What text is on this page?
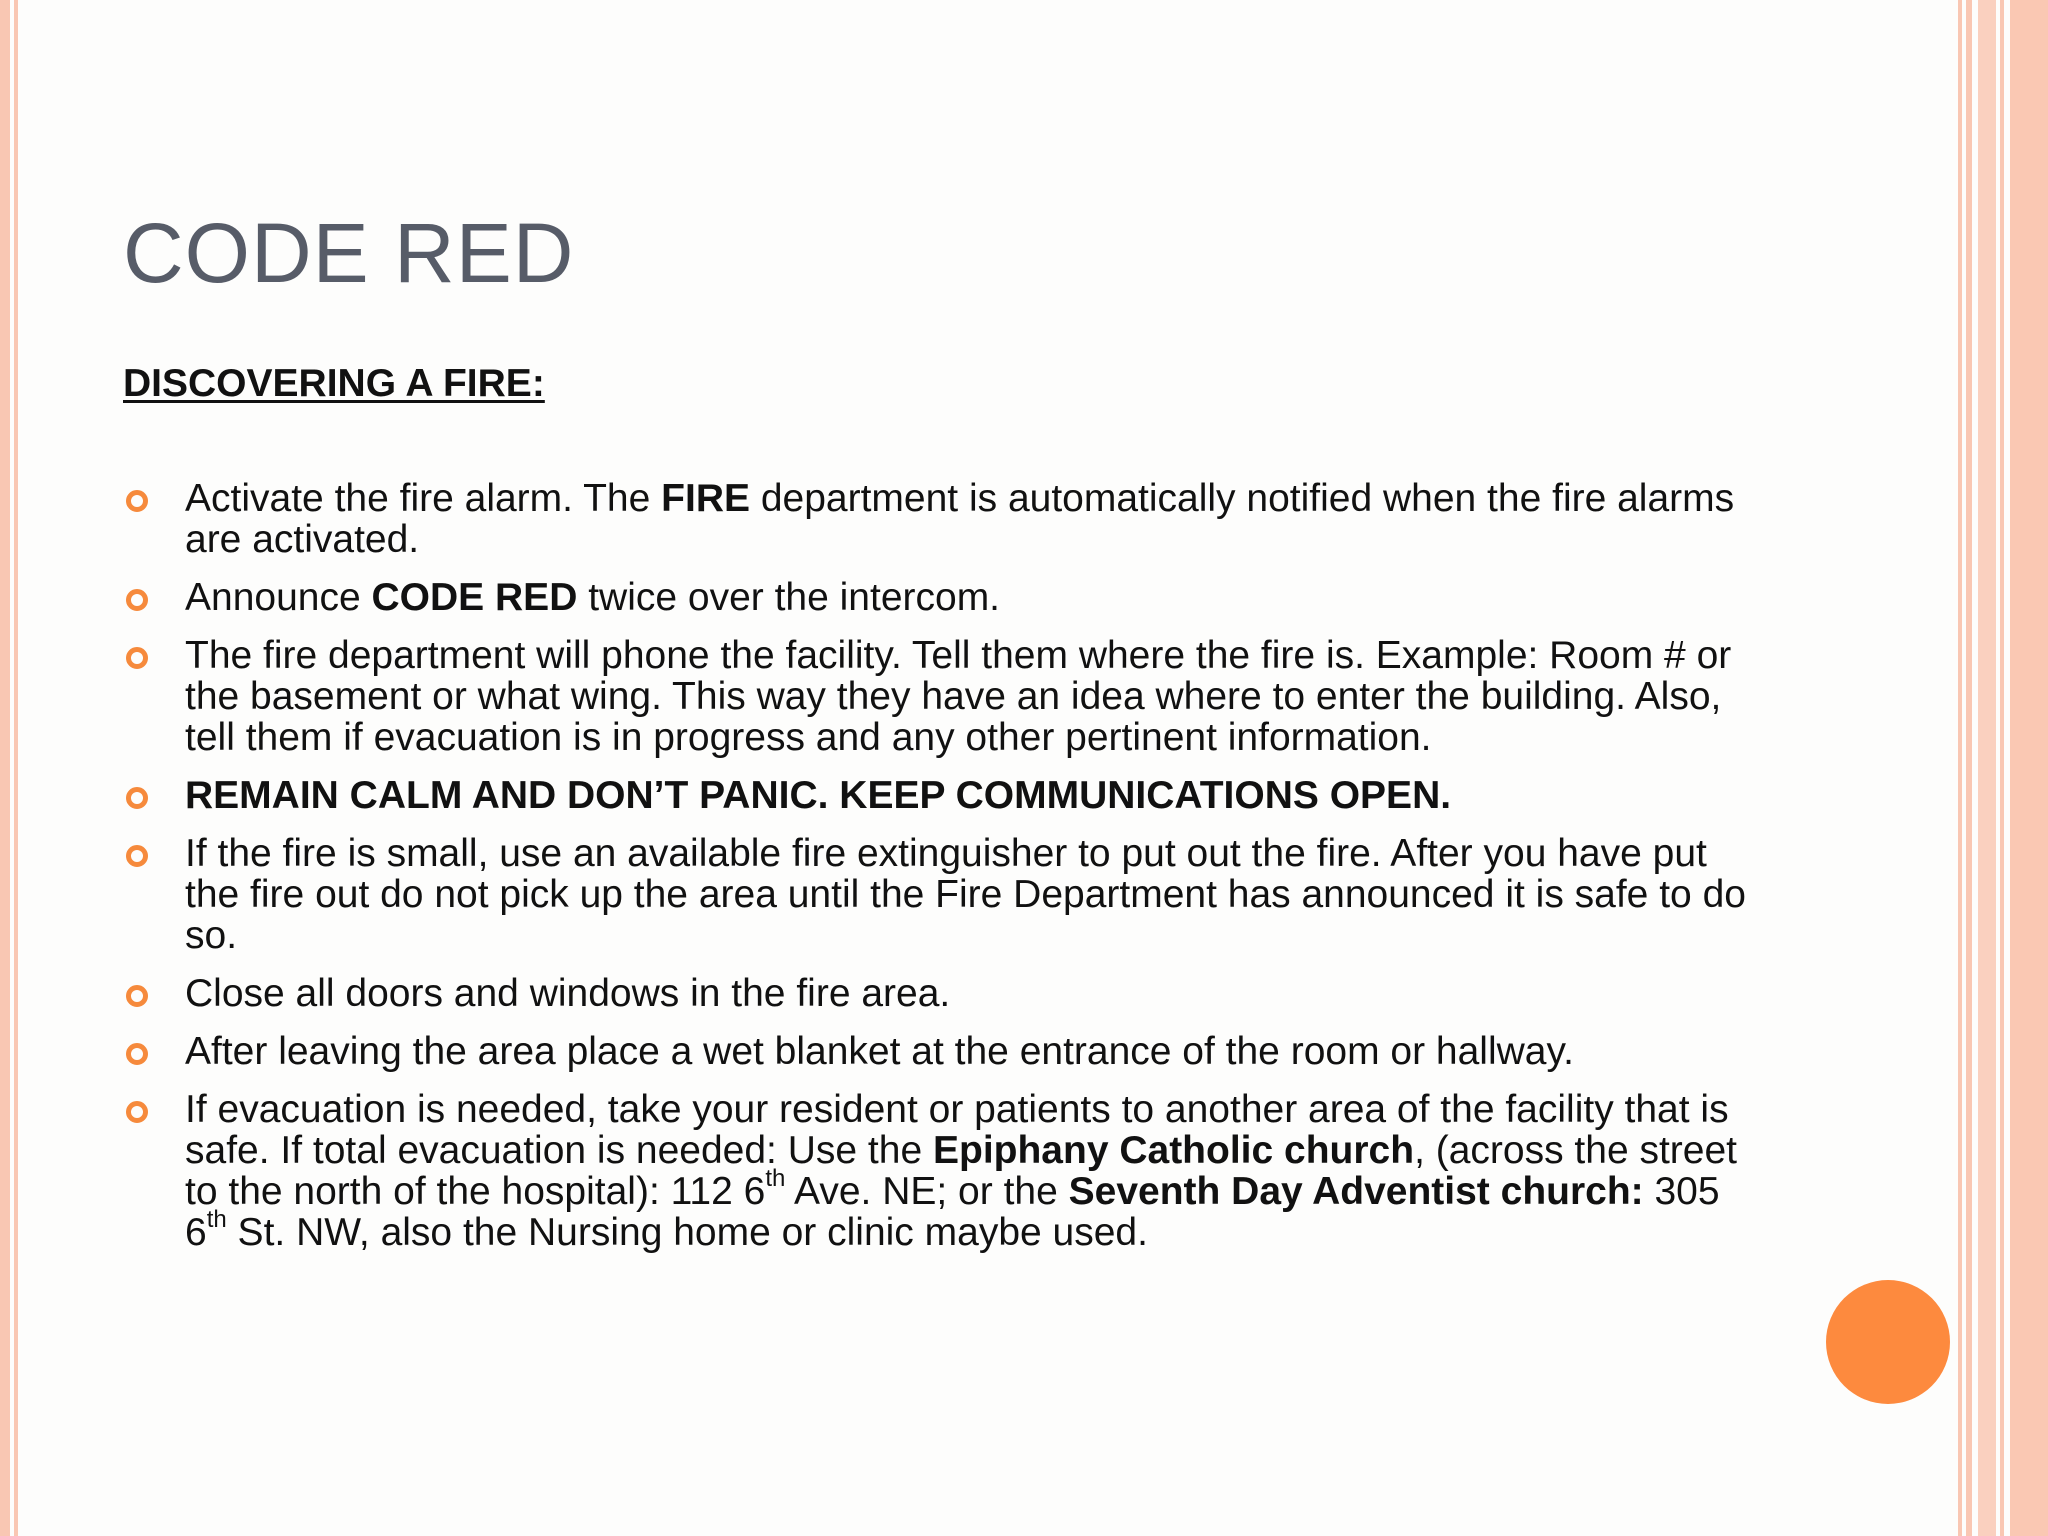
CODE RED
DISCOVERING A FIRE:
Activate the fire alarm. The FIRE department is automatically notified when the fire alarms are activated.
Announce CODE RED twice over the intercom.
The fire department will phone the facility. Tell them where the fire is. Example: Room # or the basement or what wing. This way they have an idea where to enter the building. Also, tell them if evacuation is in progress and any other pertinent information.
REMAIN CALM AND DON’T PANIC. KEEP COMMUNICATIONS OPEN.
If the fire is small, use an available fire extinguisher to put out the fire. After you have put the fire out do not pick up the area until the Fire Department has announced it is safe to do so.
Close all doors and windows in the fire area.
After leaving the area place a wet blanket at the entrance of the room or hallway.
If evacuation is needed, take your resident or patients to another area of the facility that is safe. If total evacuation is needed: Use the Epiphany Catholic church, (across the street to the north of the hospital): 112 6th Ave. NE; or the Seventh Day Adventist church: 305 6th St. NW, also the Nursing home or clinic maybe used.
